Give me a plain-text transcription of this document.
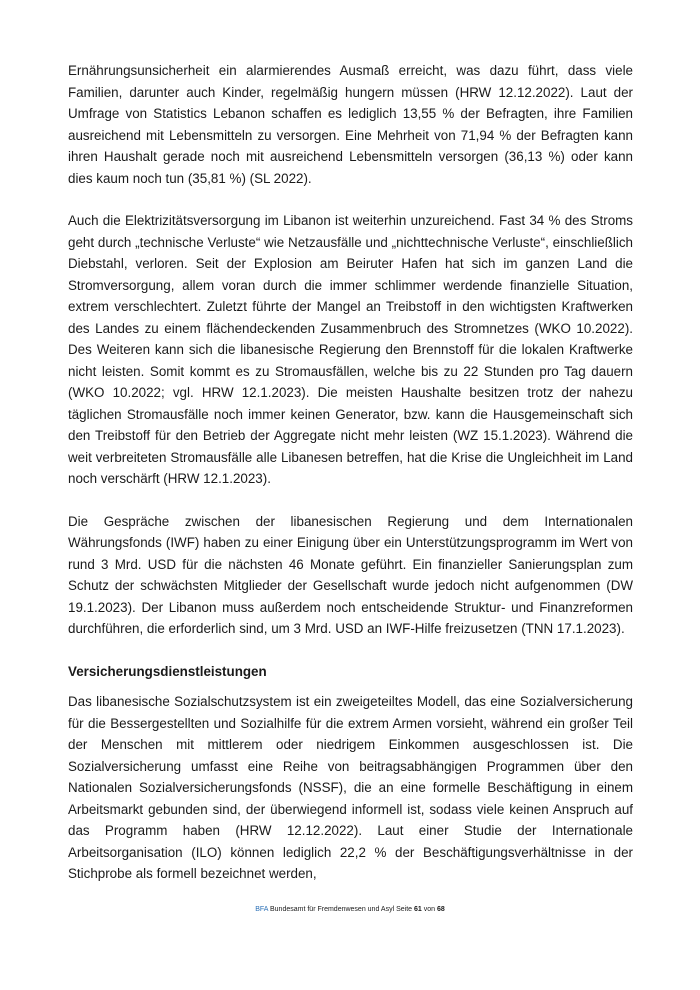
Ernährungsunsicherheit ein alarmierendes Ausmaß erreicht, was dazu führt, dass viele Familien, darunter auch Kinder, regelmäßig hungern müssen (HRW 12.12.2022). Laut der Umfrage von Statistics Lebanon schaffen es lediglich 13,55 % der Befragten, ihre Familien ausreichend mit Lebensmitteln zu versorgen. Eine Mehrheit von 71,94 % der Befragten kann ihren Haushalt gerade noch mit ausreichend Lebensmitteln versorgen (36,13 %) oder kann dies kaum noch tun (35,81 %) (SL 2022).

Auch die Elektrizitätsversorgung im Libanon ist weiterhin unzureichend. Fast 34 % des Stroms geht durch „technische Verluste“ wie Netzausfälle und „nichttechnische Verluste“, einschließlich Diebstahl, verloren. Seit der Explosion am Beiruter Hafen hat sich im ganzen Land die Stromversorgung, allem voran durch die immer schlimmer werdende finanzielle Situation, extrem verschlechtert. Zuletzt führte der Mangel an Treibstoff in den wichtigsten Kraftwerken des Landes zu einem flächendeckenden Zusammenbruch des Stromnetzes (WKO 10.2022). Des Weiteren kann sich die libanesische Regierung den Brennstoff für die lokalen Kraftwerke nicht leisten. Somit kommt es zu Stromausfällen, welche bis zu 22 Stunden pro Tag dauern (WKO 10.2022; vgl. HRW 12.1.2023). Die meisten Haushalte besitzen trotz der nahezu täglichen Stromausfälle noch immer keinen Generator, bzw. kann die Hausgemeinschaft sich den Treibstoff für den Betrieb der Aggregate nicht mehr leisten (WZ 15.1.2023). Während die weit verbreiteten Stromausfälle alle Libanesen betreffen, hat die Krise die Ungleichheit im Land noch verschärft (HRW 12.1.2023).

Die Gespräche zwischen der libanesischen Regierung und dem Internationalen Währungsfonds (IWF) haben zu einer Einigung über ein Unterstützungsprogramm im Wert von rund 3 Mrd. USD für die nächsten 46 Monate geführt. Ein finanzieller Sanierungsplan zum Schutz der schwächsten Mitglieder der Gesellschaft wurde jedoch nicht aufgenommen (DW 19.1.2023). Der Libanon muss außerdem noch entscheidende Struktur- und Finanzreformen durchführen, die erforderlich sind, um 3 Mrd. USD an IWF-Hilfe freizusetzen (TNN 17.1.2023).

Versicherungsdienstleistungen

Das libanesische Sozialschutzsystem ist ein zweigeteiltes Modell, das eine Sozialversicherung für die Bessergestellten und Sozialhilfe für die extrem Armen vorsieht, während ein großer Teil der Menschen mit mittlerem oder niedrigem Einkommen ausgeschlossen ist. Die Sozialversicherung umfasst eine Reihe von beitragsabhängigen Programmen über den Nationalen Sozialversicherungsfonds (NSSF), die an eine formelle Beschäftigung in einem Arbeitsmarkt gebunden sind, der überwiegend informell ist, sodass viele keinen Anspruch auf das Programm haben (HRW 12.12.2022). Laut einer Studie der Internationale Arbeitsorganisation (ILO) können lediglich 22,2 % der Beschäftigungsverhältnisse in der Stichprobe als formell bezeichnet werden,

BFA Bundesamt für Fremdenwesen und Asyl Seite 61 von 68
